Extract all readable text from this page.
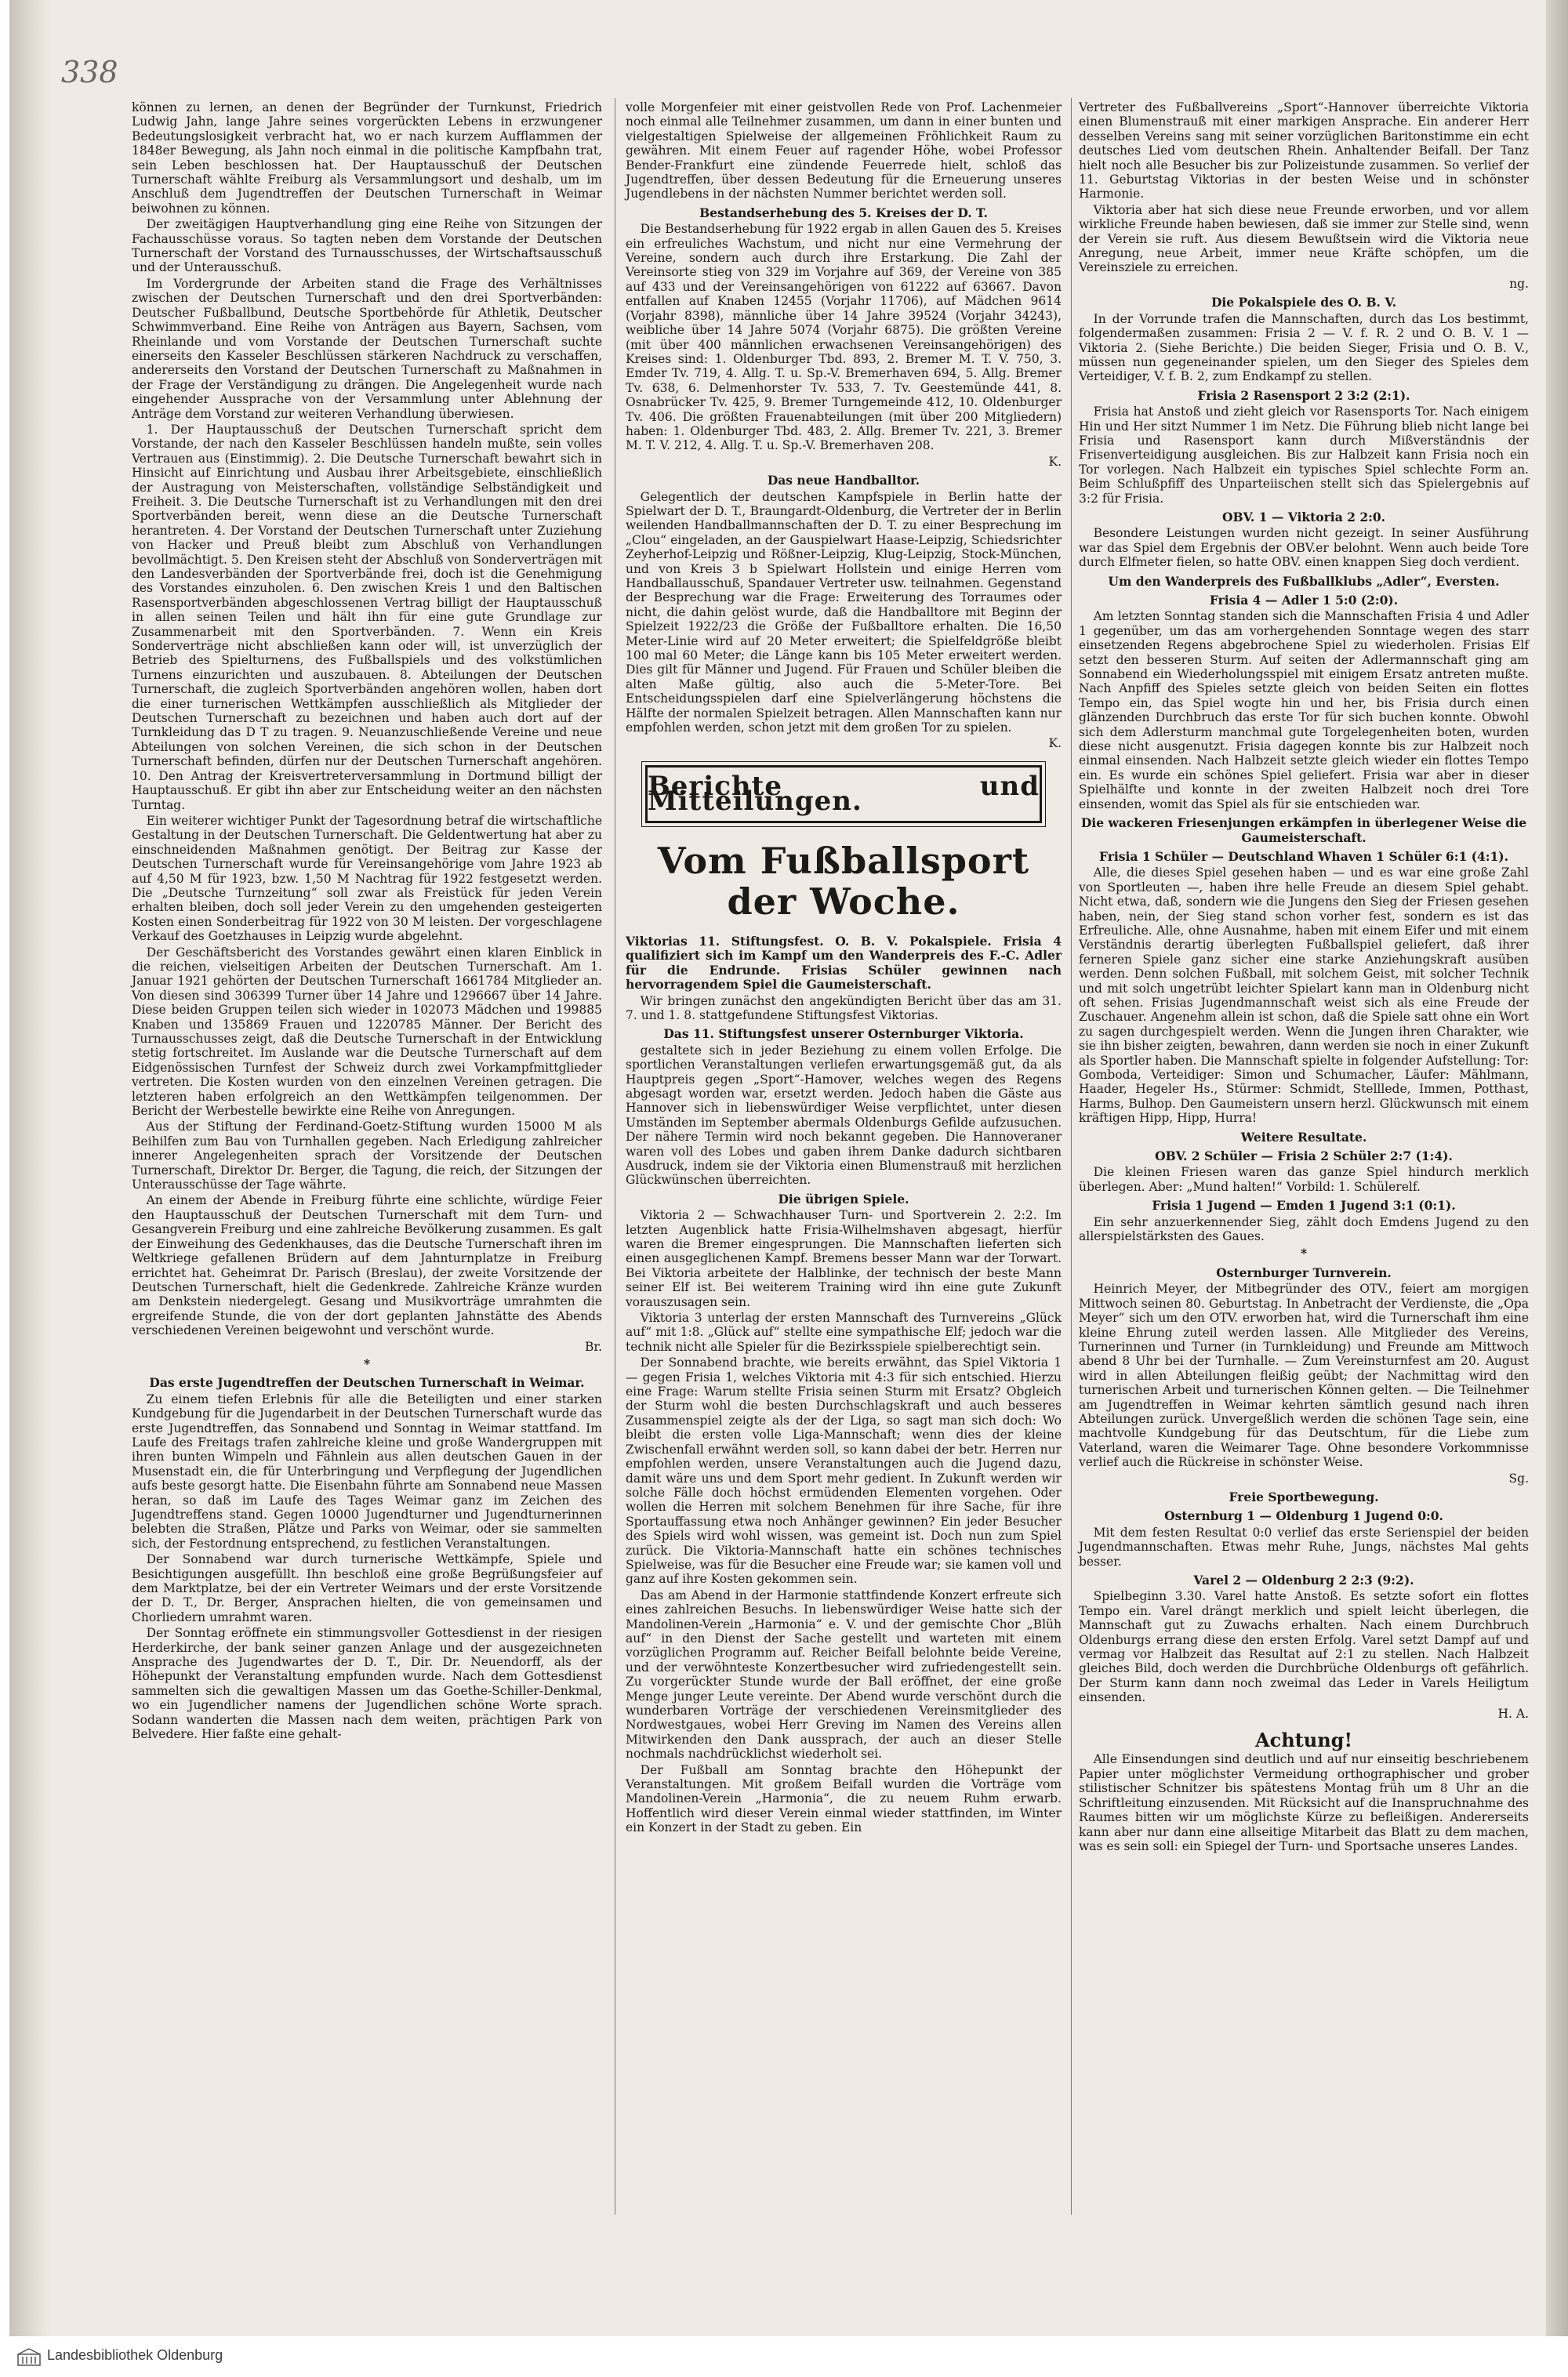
338

können zu lernen, an denen der Begründer der Turnkunst, Friedrich Ludwig Jahn, lange Jahre seines vorgerückten Lebens in erzwungener Bedeutungslosigkeit verbracht hat, wo er nach kurzem Aufflammen der 1848er Bewegung, als Jahn noch einmal in die politische Kampfbahn trat, sein Leben beschlossen hat. Der Hauptausschuß der Deutschen Turnerschaft wählte Freiburg als Versammlungsort und deshalb, um im Anschluß dem Jugendtreffen der Deutschen Turnerschaft in Weimar beiwohnen zu können.

Der zweitägigen Hauptverhandlung ging eine Reihe von Sitzungen der Fachausschüsse voraus. So tagten neben dem Vorstande der Deutschen Turnerschaft der Vorstand des Turnausschusses, der Wirtschaftsausschuß und der Unterausschuß.

Im Vordergrunde der Arbeiten stand die Frage des Verhältnisses zwischen der Deutschen Turnerschaft und den drei Sportverbänden: Deutscher Fußballbund, Deutsche Sportbehörde für Athletik, Deutscher Schwimmverband. Eine Reihe von Anträgen aus Bayern, Sachsen, vom Rheinlande und vom Vorstande der Deutschen Turnerschaft suchte einerseits den Kasseler Beschlüssen stärkeren Nachdruck zu verschaffen, andererseits den Vorstand der Deutschen Turnerschaft zu Maßnahmen in der Frage der Verständigung zu drängen. Die Angelegenheit wurde nach eingehender Aussprache von der Versammlung unter Ablehnung der Anträge dem Vorstand zur weiteren Verhandlung überwiesen.

1. Der Hauptausschuß der Deutschen Turnerschaft spricht dem Vorstande, der nach den Kasseler Beschlüssen handeln mußte, sein volles Vertrauen aus (Einstimmig). 2. Die Deutsche Turnerschaft bewahrt sich in Hinsicht auf Einrichtung und Ausbau ihrer Arbeitsgebiete, einschließlich der Austragung von Meisterschaften, vollständige Selbständigkeit und Freiheit. 3. Die Deutsche Turnerschaft ist zu Verhandlungen mit den drei Sportverbänden bereit, wenn diese an die Deutsche Turnerschaft herantreten. 4. Der Vorstand der Deutschen Turnerschaft unter Zuziehung von Hacker und Preuß bleibt zum Abschluß von Verhandlungen bevollmächtigt. 5. Den Kreisen steht der Abschluß von Sonderverträgen mit den Landesverbänden der Sportverbände frei, doch ist die Genehmigung des Vorstandes einzuholen. 6. Den zwischen Kreis 1 und den Baltischen Rasensportverbänden abgeschlossenen Vertrag billigt der Hauptausschuß in allen seinen Teilen und hält ihn für eine gute Grundlage zur Zusammenarbeit mit den Sportverbänden. 7. Wenn ein Kreis Sonderverträge nicht abschließen kann oder will, ist unverzüglich der Betrieb des Spielturnens, des Fußballspiels und des volkstümlichen Turnens einzurichten und auszubauen. 8. Abteilungen der Deutschen Turnerschaft, die zugleich Sportverbänden angehören wollen, haben dort die einer turnerischen Wettkämpfen ausschließlich als Mitglieder der Deutschen Turnerschaft zu bezeichnen und haben auch dort auf der Turnkleidung das D T zu tragen. 9. Neuanzuschließende Vereine und neue Abteilungen von solchen Vereinen, die sich schon in der Deutschen Turnerschaft befinden, dürfen nur der Deutschen Turnerschaft angehören. 10. Den Antrag der Kreisvertreterversammlung in Dortmund billigt der Hauptausschuß. Er gibt ihn aber zur Entscheidung weiter an den nächsten Turntag.

Ein weiterer wichtiger Punkt der Tagesordnung betraf die wirtschaftliche Gestaltung in der Deutschen Turnerschaft. Die Geldentwertung hat aber zu einschneidenden Maßnahmen genötigt. Der Beitrag zur Kasse der Deutschen Turnerschaft wurde für Vereinsangehörige vom Jahre 1923 ab auf 4,50 M für 1923, bzw. 1,50 M Nachtrag für 1922 festgesetzt werden. Die „Deutsche Turnzeitung“ soll zwar als Freistück für jeden Verein erhalten bleiben, doch soll jeder Verein zu den umgehenden gesteigerten Kosten einen Sonderbeitrag für 1922 von 30 M leisten. Der vorgeschlagene Verkauf des Goetzhauses in Leipzig wurde abgelehnt.

Der Geschäftsbericht des Vorstandes gewährt einen klaren Einblick in die reichen, vielseitigen Arbeiten der Deutschen Turnerschaft. Am 1. Januar 1921 gehörten der Deutschen Turnerschaft 1661784 Mitglieder an. Von diesen sind 306399 Turner über 14 Jahre und 1296667 über 14 Jahre. Diese beiden Gruppen teilen sich wieder in 102073 Mädchen und 199885 Knaben und 135869 Frauen und 1220785 Männer. Der Bericht des Turnausschusses zeigt, daß die Deutsche Turnerschaft in der Entwicklung stetig fortschreitet. Im Auslande war die Deutsche Turnerschaft auf dem Eidgenössischen Turnfest der Schweiz durch zwei Vorkampfmittglieder vertreten. Die Kosten wurden von den einzelnen Vereinen getragen. Die letzteren haben erfolgreich an den Wettkämpfen teilgenommen. Der Bericht der Werbestelle bewirkte eine Reihe von Anregungen.

Aus der Stiftung der Ferdinand-Goetz-Stiftung wurden 15000 M als Beihilfen zum Bau von Turnhallen gegeben. Nach Erledigung zahlreicher innerer Angelegenheiten sprach der Vorsitzende der Deutschen Turnerschaft, Direktor Dr. Berger, die Tagung, die reich, der Sitzungen der Unterausschüsse der Tage währte.

An einem der Abende in Freiburg führte eine schlichte, würdige Feier den Hauptausschuß der Deutschen Turnerschaft mit dem Turn- und Gesangverein Freiburg und eine zahlreiche Bevölkerung zusammen. Es galt der Einweihung des Gedenkhauses, das die Deutsche Turnerschaft ihren im Weltkriege gefallenen Brüdern auf dem Jahnturnplatze in Freiburg errichtet hat. Geheimrat Dr. Parisch (Breslau), der zweite Vorsitzende der Deutschen Turnerschaft, hielt die Gedenkrede. Zahlreiche Kränze wurden am Denkstein niedergelegt. Gesang und Musikvorträge umrahmten die ergreifende Stunde, die von der dort geplanten Jahnstätte des Abends verschiedenen Vereinen beigewohnt und verschönt wurde.

Br.

*

Das erste Jugendtreffen der Deutschen Turnerschaft in Weimar.

Zu einem tiefen Erlebnis für alle die Beteiligten und einer starken Kundgebung für die Jugendarbeit in der Deutschen Turnerschaft wurde das erste Jugendtreffen, das Sonnabend und Sonntag in Weimar stattfand. Im Laufe des Freitags trafen zahlreiche kleine und große Wandergruppen mit ihren bunten Wimpeln und Fähnlein aus allen deutschen Gauen in der Musenstadt ein, die für Unterbringung und Verpflegung der Jugendlichen aufs beste gesorgt hatte. Die Eisenbahn führte am Sonnabend neue Massen heran, so daß im Laufe des Tages Weimar ganz im Zeichen des Jugendtreffens stand. Gegen 10000 Jugendturner und Jugendturnerinnen belebten die Straßen, Plätze und Parks von Weimar, oder sie sammelten sich, der Festordnung entsprechend, zu festlichen Veranstaltungen.

Der Sonnabend war durch turnerische Wettkämpfe, Spiele und Besichtigungen ausgefüllt. Ihn beschloß eine große Begrüßungsfeier auf dem Marktplatze, bei der ein Vertreter Weimars und der erste Vorsitzende der D. T., Dr. Berger, Ansprachen hielten, die von gemeinsamen und Chorliedern umrahmt waren.

Der Sonntag eröffnete ein stimmungsvoller Gottesdienst in der riesigen Herderkirche, der bank seiner ganzen Anlage und der ausgezeichneten Ansprache des Jugendwartes der D. T., Dir. Dr. Neuendorff, als der Höhepunkt der Veranstaltung empfunden wurde. Nach dem Gottesdienst sammelten sich die gewaltigen Massen um das Goethe-Schiller-Denkmal, wo ein Jugendlicher namens der Jugendlichen schöne Worte sprach. Sodann wanderten die Massen nach dem weiten, prächtigen Park von Belvedere. Hier faßte eine gehalt-

volle Morgenfeier mit einer geistvollen Rede von Prof. Lachenmeier noch einmal alle Teilnehmer zusammen, um dann in einer bunten und vielgestaltigen Spielweise der allgemeinen Fröhlichkeit Raum zu gewähren. Mit einem Feuer auf ragender Höhe, wobei Professor Bender-Frankfurt eine zündende Feuerrede hielt, schloß das Jugendtreffen, über dessen Bedeutung für die Erneuerung unseres Jugendlebens in der nächsten Nummer berichtet werden soll.

Bestandserhebung des 5. Kreises der D. T.

Die Bestandserhebung für 1922 ergab in allen Gauen des 5. Kreises ein erfreuliches Wachstum, und nicht nur eine Vermehrung der Vereine, sondern auch durch ihre Erstarkung. Die Zahl der Vereinsorte stieg von 329 im Vorjahre auf 369, der Vereine von 385 auf 433 und der Vereinsangehörigen von 61222 auf 63667. Davon entfallen auf Knaben 12455 (Vorjahr 11706), auf Mädchen 9614 (Vorjahr 8398), männliche über 14 Jahre 39524 (Vorjahr 34243), weibliche über 14 Jahre 5074 (Vorjahr 6875). Die größten Vereine (mit über 400 männlichen erwachsenen Vereinsangehörigen) des Kreises sind: 1. Oldenburger Tbd. 893, 2. Bremer M. T. V. 750, 3. Emder Tv. 719, 4. Allg. T. u. Sp.-V. Bremerhaven 694, 5. Allg. Bremer Tv. 638, 6. Delmenhorster Tv. 533, 7. Tv. Geestemünde 441, 8. Osnabrücker Tv. 425, 9. Bremer Turngemeinde 412, 10. Oldenburger Tv. 406. Die größten Frauenabteilungen (mit über 200 Mitgliedern) haben: 1. Oldenburger Tbd. 483, 2. Allg. Bremer Tv. 221, 3. Bremer M. T. V. 212, 4. Allg. T. u. Sp.-V. Bremerhaven 208.

K.

Das neue Handballtor.

Gelegentlich der deutschen Kampfspiele in Berlin hatte der Spielwart der D. T., Braungardt-Oldenburg, die Vertreter der in Berlin weilenden Handballmannschaften der D. T. zu einer Besprechung im „Clou“ eingeladen, an der Gauspielwart Haase-Leipzig, Schiedsrichter Zeyherhof-Leipzig und Rößner-Leipzig, Klug-Leipzig, Stock-München, und von Kreis 3 b Spielwart Hollstein und einige Herren vom Handballausschuß, Spandauer Vertreter usw. teilnahmen. Gegenstand der Besprechung war die Frage: Erweiterung des Torraumes oder nicht, die dahin gelöst wurde, daß die Handballtore mit Beginn der Spielzeit 1922/23 die Größe der Fußballtore erhalten. Die 16,50 Meter-Linie wird auf 20 Meter erweitert; die Spielfeldgröße bleibt 100 mal 60 Meter; die Länge kann bis 105 Meter erweitert werden. Dies gilt für Männer und Jugend. Für Frauen und Schüler bleiben die alten Maße gültig, also auch die 5-Meter-Tore. Bei Entscheidungsspielen darf eine Spielverlängerung höchstens die Hälfte der normalen Spielzeit betragen. Allen Mannschaften kann nur empfohlen werden, schon jetzt mit dem großen Tor zu spielen.

K.

Berichte und Mitteilungen.
Vom Fußballsport der Woche.

Viktorias 11. Stiftungsfest. O. B. V. Pokalspiele. Frisia 4 qualifiziert sich im Kampf um den Wanderpreis des F.-C. Adler für die Endrunde. Frisias Schüler gewinnen nach hervorragendem Spiel die Gaumeisterschaft.

Wir bringen zunächst den angekündigten Bericht über das am 31. 7. und 1. 8. stattgefundene Stiftungsfest Viktorias.

Das 11. Stiftungsfest unserer Osternburger Viktoria.

gestaltete sich in jeder Beziehung zu einem vollen Erfolge. Die sportlichen Veranstaltungen verliefen erwartungsgemäß gut, da als Hauptpreis gegen „Sport“-Hamover, welches wegen des Regens abgesagt worden war, ersetzt werden. Jedoch haben die Gäste aus Hannover sich in liebenswürdiger Weise verpflichtet, unter diesen Umständen im September abermals Oldenburgs Gefilde aufzusuchen. Der nähere Termin wird noch bekannt gegeben. Die Hannoveraner waren voll des Lobes und gaben ihrem Danke dadurch sichtbaren Ausdruck, indem sie der Viktoria einen Blumenstrauß mit herzlichen Glückwünschen überreichten.

Die übrigen Spiele.

Viktoria 2 — Schwachhauser Turn- und Sportverein 2. 2:2. Im letzten Augenblick hatte Frisia-Wilhelmshaven abgesagt, hierfür waren die Bremer eingesprungen. Die Mannschaften lieferten sich einen ausgeglichenen Kampf. Bremens besser Mann war der Torwart. Bei Viktoria arbeitete der Halblinke, der technisch der beste Mann seiner Elf ist. Bei weiterem Training wird ihn eine gute Zukunft vorauszusagen sein.

Viktoria 3 unterlag der ersten Mannschaft des Turnvereins „Glück auf“ mit 1:8. „Glück auf“ stellte eine sympathische Elf; jedoch war die technik nicht alle Spieler für die Bezirksspiele spielberechtigt sein.

Der Sonnabend brachte, wie bereits erwähnt, das Spiel Viktoria 1 — gegen Frisia 1, welches Viktoria mit 4:3 für sich entschied. Hierzu eine Frage: Warum stellte Frisia seinen Sturm mit Ersatz? Obgleich der Sturm wohl die besten Durchschlagskraft und auch besseres Zusammenspiel zeigte als der der Liga, so sagt man sich doch: Wo bleibt die ersten volle Liga-Mannschaft; wenn dies der kleine Zwischenfall erwähnt werden soll, so kann dabei der betr. Herren nur empfohlen werden, unsere Veranstaltungen auch die Jugend dazu, damit wäre uns und dem Sport mehr gedient. In Zukunft werden wir solche Fälle doch höchst ermüdenden Elementen vorgehen. Oder wollen die Herren mit solchem Benehmen für ihre Sache, für ihre Sportauffassung etwa noch Anhänger gewinnen? Ein jeder Besucher des Spiels wird wohl wissen, was gemeint ist. Doch nun zum Spiel zurück. Die Viktoria-Mannschaft hatte ein schönes technisches Spielweise, was für die Besucher eine Freude war; sie kamen voll und ganz auf ihre Kosten gekommen sein.

Das am Abend in der Harmonie stattfindende Konzert erfreute sich eines zahlreichen Besuchs. In liebenswürdiger Weise hatte sich der Mandolinen-Verein „Harmonia“ e. V. und der gemischte Chor „Blüh auf“ in den Dienst der Sache gestellt und warteten mit einem vorzüglichen Programm auf. Reicher Beifall belohnte beide Vereine, und der verwöhnteste Konzertbesucher wird zufriedengestellt sein. Zu vorgerückter Stunde wurde der Ball eröffnet, der eine große Menge junger Leute vereinte. Der Abend wurde verschönt durch die wunderbaren Vorträge der verschiedenen Vereinsmitglieder des Nordwestgaues, wobei Herr Greving im Namen des Vereins allen Mitwirkenden den Dank aussprach, der auch an dieser Stelle nochmals nachdrücklichst wiederholt sei.

Der Fußball am Sonntag brachte den Höhepunkt der Veranstaltungen. Mit großem Beifall wurden die Vorträge vom Mandolinen-Verein „Harmonia“, die zu neuem Ruhm erwarb. Hoffentlich wird dieser Verein einmal wieder stattfinden, im Winter ein Konzert in der Stadt zu geben. Ein

Vertreter des Fußballvereins „Sport“-Hannover überreichte Viktoria einen Blumenstrauß mit einer markigen Ansprache. Ein anderer Herr desselben Vereins sang mit seiner vorzüglichen Baritonstimme ein echt deutsches Lied vom deutschen Rhein. Anhaltender Beifall. Der Tanz hielt noch alle Besucher bis zur Polizeistunde zusammen. So verlief der 11. Geburtstag Viktorias in der besten Weise und in schönster Harmonie.

Viktoria aber hat sich diese neue Freunde erworben, und vor allem wirkliche Freunde haben bewiesen, daß sie immer zur Stelle sind, wenn der Verein sie ruft. Aus diesem Bewußtsein wird die Viktoria neue Anregung, neue Arbeit, immer neue Kräfte schöpfen, um die Vereinsziele zu erreichen.

ng.

Die Pokalspiele des O. B. V.

In der Vorrunde trafen die Mannschaften, durch das Los bestimmt, folgendermaßen zusammen: Frisia 2 — V. f. R. 2 und O. B. V. 1 — Viktoria 2. (Siehe Berichte.) Die beiden Sieger, Frisia und O. B. V., müssen nun gegeneinander spielen, um den Sieger des Spieles dem Verteidiger, V. f. B. 2, zum Endkampf zu stellen.

Frisia 2 Rasensport 2 3:2 (2:1).

Frisia hat Anstoß und zieht gleich vor Rasensports Tor. Nach einigem Hin und Her sitzt Nummer 1 im Netz. Die Führung blieb nicht lange bei Frisia und Rasensport kann durch Mißverständnis der Frisenverteidigung ausgleichen. Bis zur Halbzeit kann Frisia noch ein Tor vorlegen. Nach Halbzeit ein typisches Spiel schlechte Form an. Beim Schlußpfiff des Unparteiischen stellt sich das Spielergebnis auf 3:2 für Frisia.

OBV. 1 — Viktoria 2 2:0.

Besondere Leistungen wurden nicht gezeigt. In seiner Ausführung war das Spiel dem Ergebnis der OBV.er belohnt. Wenn auch beide Tore durch Elfmeter fielen, so hatte OBV. einen knappen Sieg doch verdient.

Um den Wanderpreis des Fußballklubs „Adler“, Eversten.

Frisia 4 — Adler 1 5:0 (2:0).

Am letzten Sonntag standen sich die Mannschaften Frisia 4 und Adler 1 gegenüber, um das am vorhergehenden Sonntage wegen des starr einsetzenden Regens abgebrochene Spiel zu wiederholen. Frisias Elf setzt den besseren Sturm. Auf seiten der Adlermannschaft ging am Sonnabend ein Wiederholungsspiel mit einigem Ersatz antreten mußte. Nach Anpfiff des Spieles setzte gleich von beiden Seiten ein flottes Tempo ein, das Spiel wogte hin und her, bis Frisia durch einen glänzenden Durchbruch das erste Tor für sich buchen konnte. Obwohl sich dem Adlersturm manchmal gute Torgelegenheiten boten, wurden diese nicht ausgenutzt. Frisia dagegen konnte bis zur Halbzeit noch einmal einsenden. Nach Halbzeit setzte gleich wieder ein flottes Tempo ein. Es wurde ein schönes Spiel geliefert. Frisia war aber in dieser Spielhälfte und konnte in der zweiten Halbzeit noch drei Tore einsenden, womit das Spiel als für sie entschieden war.

Die wackeren Friesenjungen erkämpfen in überlegener Weise die Gaumeisterschaft.

Frisia 1 Schüler — Deutschland Whaven 1 Schüler 6:1 (4:1).

Alle, die dieses Spiel gesehen haben — und es war eine große Zahl von Sportleuten —, haben ihre helle Freude an diesem Spiel gehabt. Nicht etwa, daß, sondern wie die Jungens den Sieg der Friesen gesehen haben, nein, der Sieg stand schon vorher fest, sondern es ist das Erfreuliche. Alle, ohne Ausnahme, haben mit einem Eifer und mit einem Verständnis derartig überlegten Fußballspiel geliefert, daß ihrer ferneren Spiele ganz sicher eine starke Anziehungskraft ausüben werden. Denn solchen Fußball, mit solchem Geist, mit solcher Technik und mit solch ungetrübt leichter Spielart kann man in Oldenburg nicht oft sehen. Frisias Jugendmannschaft weist sich als eine Freude der Zuschauer. Angenehm allein ist schon, daß die Spiele satt ohne ein Wort zu sagen durchgespielt werden. Wenn die Jungen ihren Charakter, wie sie ihn bisher zeigten, bewahren, dann werden sie noch in einer Zukunft als Sportler haben. Die Mannschaft spielte in folgender Aufstellung: Tor: Gomboda, Verteidiger: Simon und Schumacher, Läufer: Mählmann, Haader, Hegeler Hs., Stürmer: Schmidt, Stelllede, Immen, Potthast, Harms, Bulhop. Den Gaumeistern unsern herzl. Glückwunsch mit einem kräftigen Hipp, Hipp, Hurra!

Weitere Resultate.

OBV. 2 Schüler — Frisia 2 Schüler 2:7 (1:4).

Die kleinen Friesen waren das ganze Spiel hindurch merklich überlegen. Aber: „Mund halten!“ Vorbild: 1. Schülerelf.

Frisia 1 Jugend — Emden 1 Jugend 3:1 (0:1).

Ein sehr anzuerkennender Sieg, zählt doch Emdens Jugend zu den allerspielstärksten des Gaues.

*

Osternburger Turnverein.

Heinrich Meyer, der Mitbegründer des OTV., feiert am morgigen Mittwoch seinen 80. Geburtstag. In Anbetracht der Verdienste, die „Opa Meyer“ sich um den OTV. erworben hat, wird die Turnerschaft ihm eine kleine Ehrung zuteil werden lassen. Alle Mitglieder des Vereins, Turnerinnen und Turner (in Turnkleidung) und Freunde am Mittwoch abend 8 Uhr bei der Turnhalle. — Zum Vereinsturnfest am 20. August wird in allen Abteilungen fleißig geübt; der Nachmittag wird den turnerischen Arbeit und turnerischen Können gelten. — Die Teilnehmer am Jugendtreffen in Weimar kehrten sämtlich gesund nach ihren Abteilungen zurück. Unvergeßlich werden die schönen Tage sein, eine machtvolle Kundgebung für das Deutschtum, für die Liebe zum Vaterland, waren die Weimarer Tage. Ohne besondere Vorkommnisse verlief auch die Rückreise in schönster Weise.

Sg.

Freie Sportbewegung.

Osternburg 1 — Oldenburg 1 Jugend 0:0.

Mit dem festen Resultat 0:0 verlief das erste Serienspiel der beiden Jugendmannschaften. Etwas mehr Ruhe, Jungs, nächstes Mal gehts besser.

Varel 2 — Oldenburg 2 2:3 (9:2).

Spielbeginn 3.30. Varel hatte Anstoß. Es setzte sofort ein flottes Tempo ein. Varel drängt merklich und spielt leicht überlegen, die Mannschaft gut zu Zuwachs erhalten. Nach einem Durchbruch Oldenburgs errang diese den ersten Erfolg. Varel setzt Dampf auf und vermag vor Halbzeit das Resultat auf 2:1 zu stellen. Nach Halbzeit gleiches Bild, doch werden die Durchbrüche Oldenburgs oft gefährlich. Der Sturm kann dann noch zweimal das Leder in Varels Heiligtum einsenden.

H. A.

Achtung!

Alle Einsendungen sind deutlich und auf nur einseitig beschriebenem Papier unter möglichster Vermeidung orthographischer und grober stilistischer Schnitzer bis spätestens Montag früh um 8 Uhr an die Schriftleitung einzusenden. Mit Rücksicht auf die Inanspruchnahme des Raumes bitten wir um möglichste Kürze zu befleißigen. Andererseits kann aber nur dann eine allseitige Mitarbeit das Blatt zu dem machen, was es sein soll: ein Spiegel der Turn- und Sportsache unseres Landes.

Landesbibliothek Oldenburg
